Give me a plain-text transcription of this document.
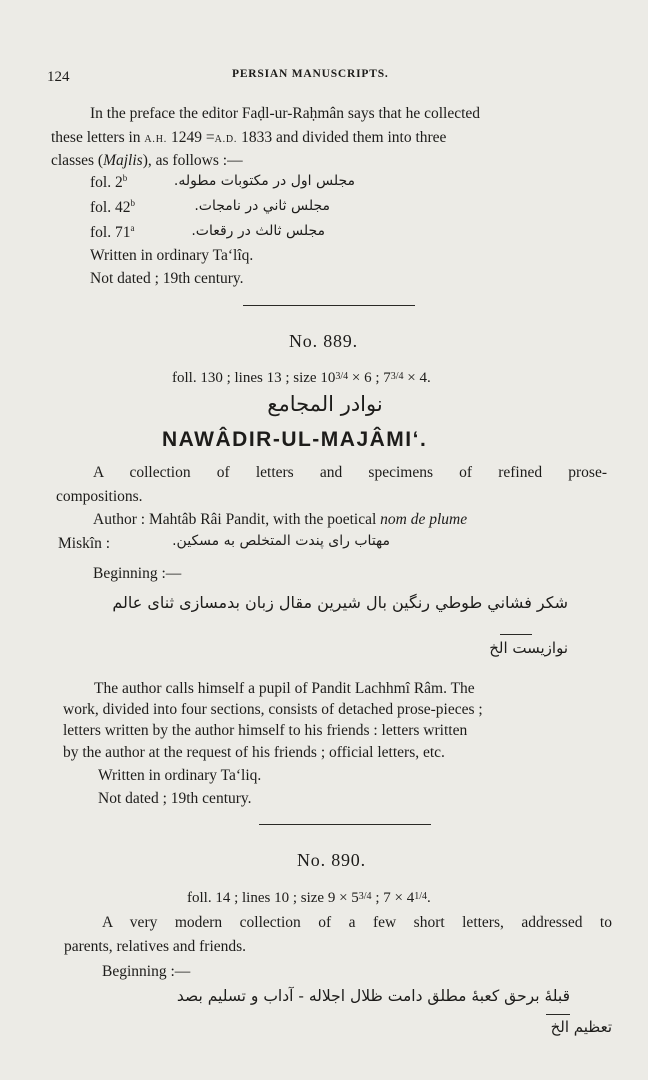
124	PERSIAN MANUSCRIPTS.
In the preface the editor Faḍl-ur-Raḥmân says that he collected
these letters in A.H. 1249 =A.D. 1833 and divided them into three
classes (Majlis), as follows :—
fol. 2$^b$	مجلس اول در مکتوبات مطوله.
fol. 42$^b$	مجلس ثاني در نامجات.
fol. 71$^a$	مجلس ثالث در رقعات.
Written in ordinary Ta‘lîq.
Not dated ; 19th century.
No. 889.
foll. 130 ; lines 13 ; size $10^{3/4} \times 6$ ; $7^{3/4} \times 4$.
نوادر المجامع
NAWÂDIR-UL-MAJÂMI‘.
A collection of letters and specimens of refined prose-
compositions.
Author : Mahtâb Râi Pandit, with the poetical nom de plume
Miskîn :	مهتاب رای پندت المتخلص به مسکین.
Beginning :—
شکر فشاني طوطي رنگين بال شيرين مقال زبان بدمسازی ثنای عالم
نوازیست الخ
The author calls himself a pupil of Pandit Lachhmî Râm. The
work, divided into four sections, consists of detached prose-pieces ;
letters written by the author himself to his friends : letters written
by the author at the request of his friends ; official letters, etc.
Written in ordinary Ta‘liq.
Not dated ; 19th century.
No. 890.
foll. 14 ; lines 10 ; size $9 \times 5^{3/4}$ ; $7 \times 4^{1/4}$.
A very modern collection of a few short letters, addressed to
parents, relatives and friends.
Beginning :—
قبلهٔ برحق کعبهٔ مطلق دامت ظلال اجلاله - آداب و تسلیم بصد
تعظیم الخ
